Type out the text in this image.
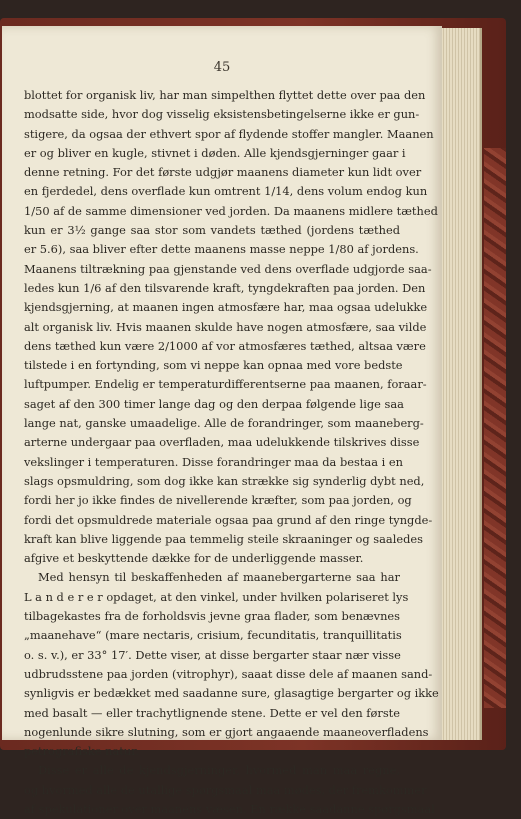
45
blottet for organisk liv, har man simpelthen flyttet dette over paa den
modsatte side, hvor dog visselig eksistensbetingelserne ikke er gun-
stigere, da ogsaa der ethvert spor af flydende stoffer mangler. Maanen
er og bliver en kugle, stivnet i døden. Alle kjendsgjerninger gaar i
denne retning. For det første udgjør maanens diameter kun lidt over
en fjerdedel, dens overflade kun omtrent 1/14, dens volum endog kun
1/50 af de samme dimensioner ved jorden. Da maanens midlere tæthed
kun er 3½ gange saa stor som vandets tæthed (jordens tæthed
er 5.6), saa bliver efter dette maanens masse neppe 1/80 af jordens.
Maanens tiltrækning paa gjenstande ved dens overflade udgjorde saa-
ledes kun 1/6 af den tilsvarende kraft, tyngdekraften paa jorden. Den
kjendsgjerning, at maanen ingen atmosfære har, maa ogsaa udelukke
alt organisk liv. Hvis maanen skulde have nogen atmosfære, saa vilde
dens tæthed kun være 2/1000 af vor atmosfæres tæthed, altsaa være
tilstede i en fortynding, som vi neppe kan opnaa med vore bedste
luftpumper. Endelig er temperaturdifferentserne paa maanen, foraar-
saget af den 300 timer lange dag og den derpaa følgende lige saa
lange nat, ganske umaadelige. Alle de forandringer, som maaneberg-
arterne undergaar paa overfladen, maa udelukkende tilskrives disse
vekslinger i temperaturen. Disse forandringer maa da bestaa i en
slags opsmuldring, som dog ikke kan strække sig synderlig dybt ned,
fordi her jo ikke findes de nivellerende kræfter, som paa jorden, og
fordi det opsmuldrede materiale ogsaa paa grund af den ringe tyngde-
kraft kan blive liggende paa temmelig steile skraaninger og saaledes
afgive et beskyttende dække for de underliggende masser.
Med hensyn til beskaffenheden af maanebergarterne saa har
L a n d e r e r opdaget, at den vinkel, under hvilken polariseret lys
tilbagekastes fra de forholdsvis jevne graa flader, som benævnes
„maanehave“ (mare nectaris, crisium, fecunditatis, tranquillitatis
o. s. v.), er 33° 17′. Dette viser, at disse bergarter staar nær visse
udbrudsstene paa jorden (vitrophyr), saaat disse dele af maanen sand-
synligvis er bedækket med saadanne sure, glasagtige bergarter og ikke
med basalt — eller trachytlignende stene. Dette er vel den første
nogenlunde sikre slutning, som er gjort angaaende maaneoverfladens
petrografiske natur.
Disse er alle de kjendsgjerninger, hvormed man maa regne,
og hvormed alle de utallige spørgsmaal maa mødes, der fremkommer
af spekulationer over maanens væsen. En række saadanne spørgsmaal
